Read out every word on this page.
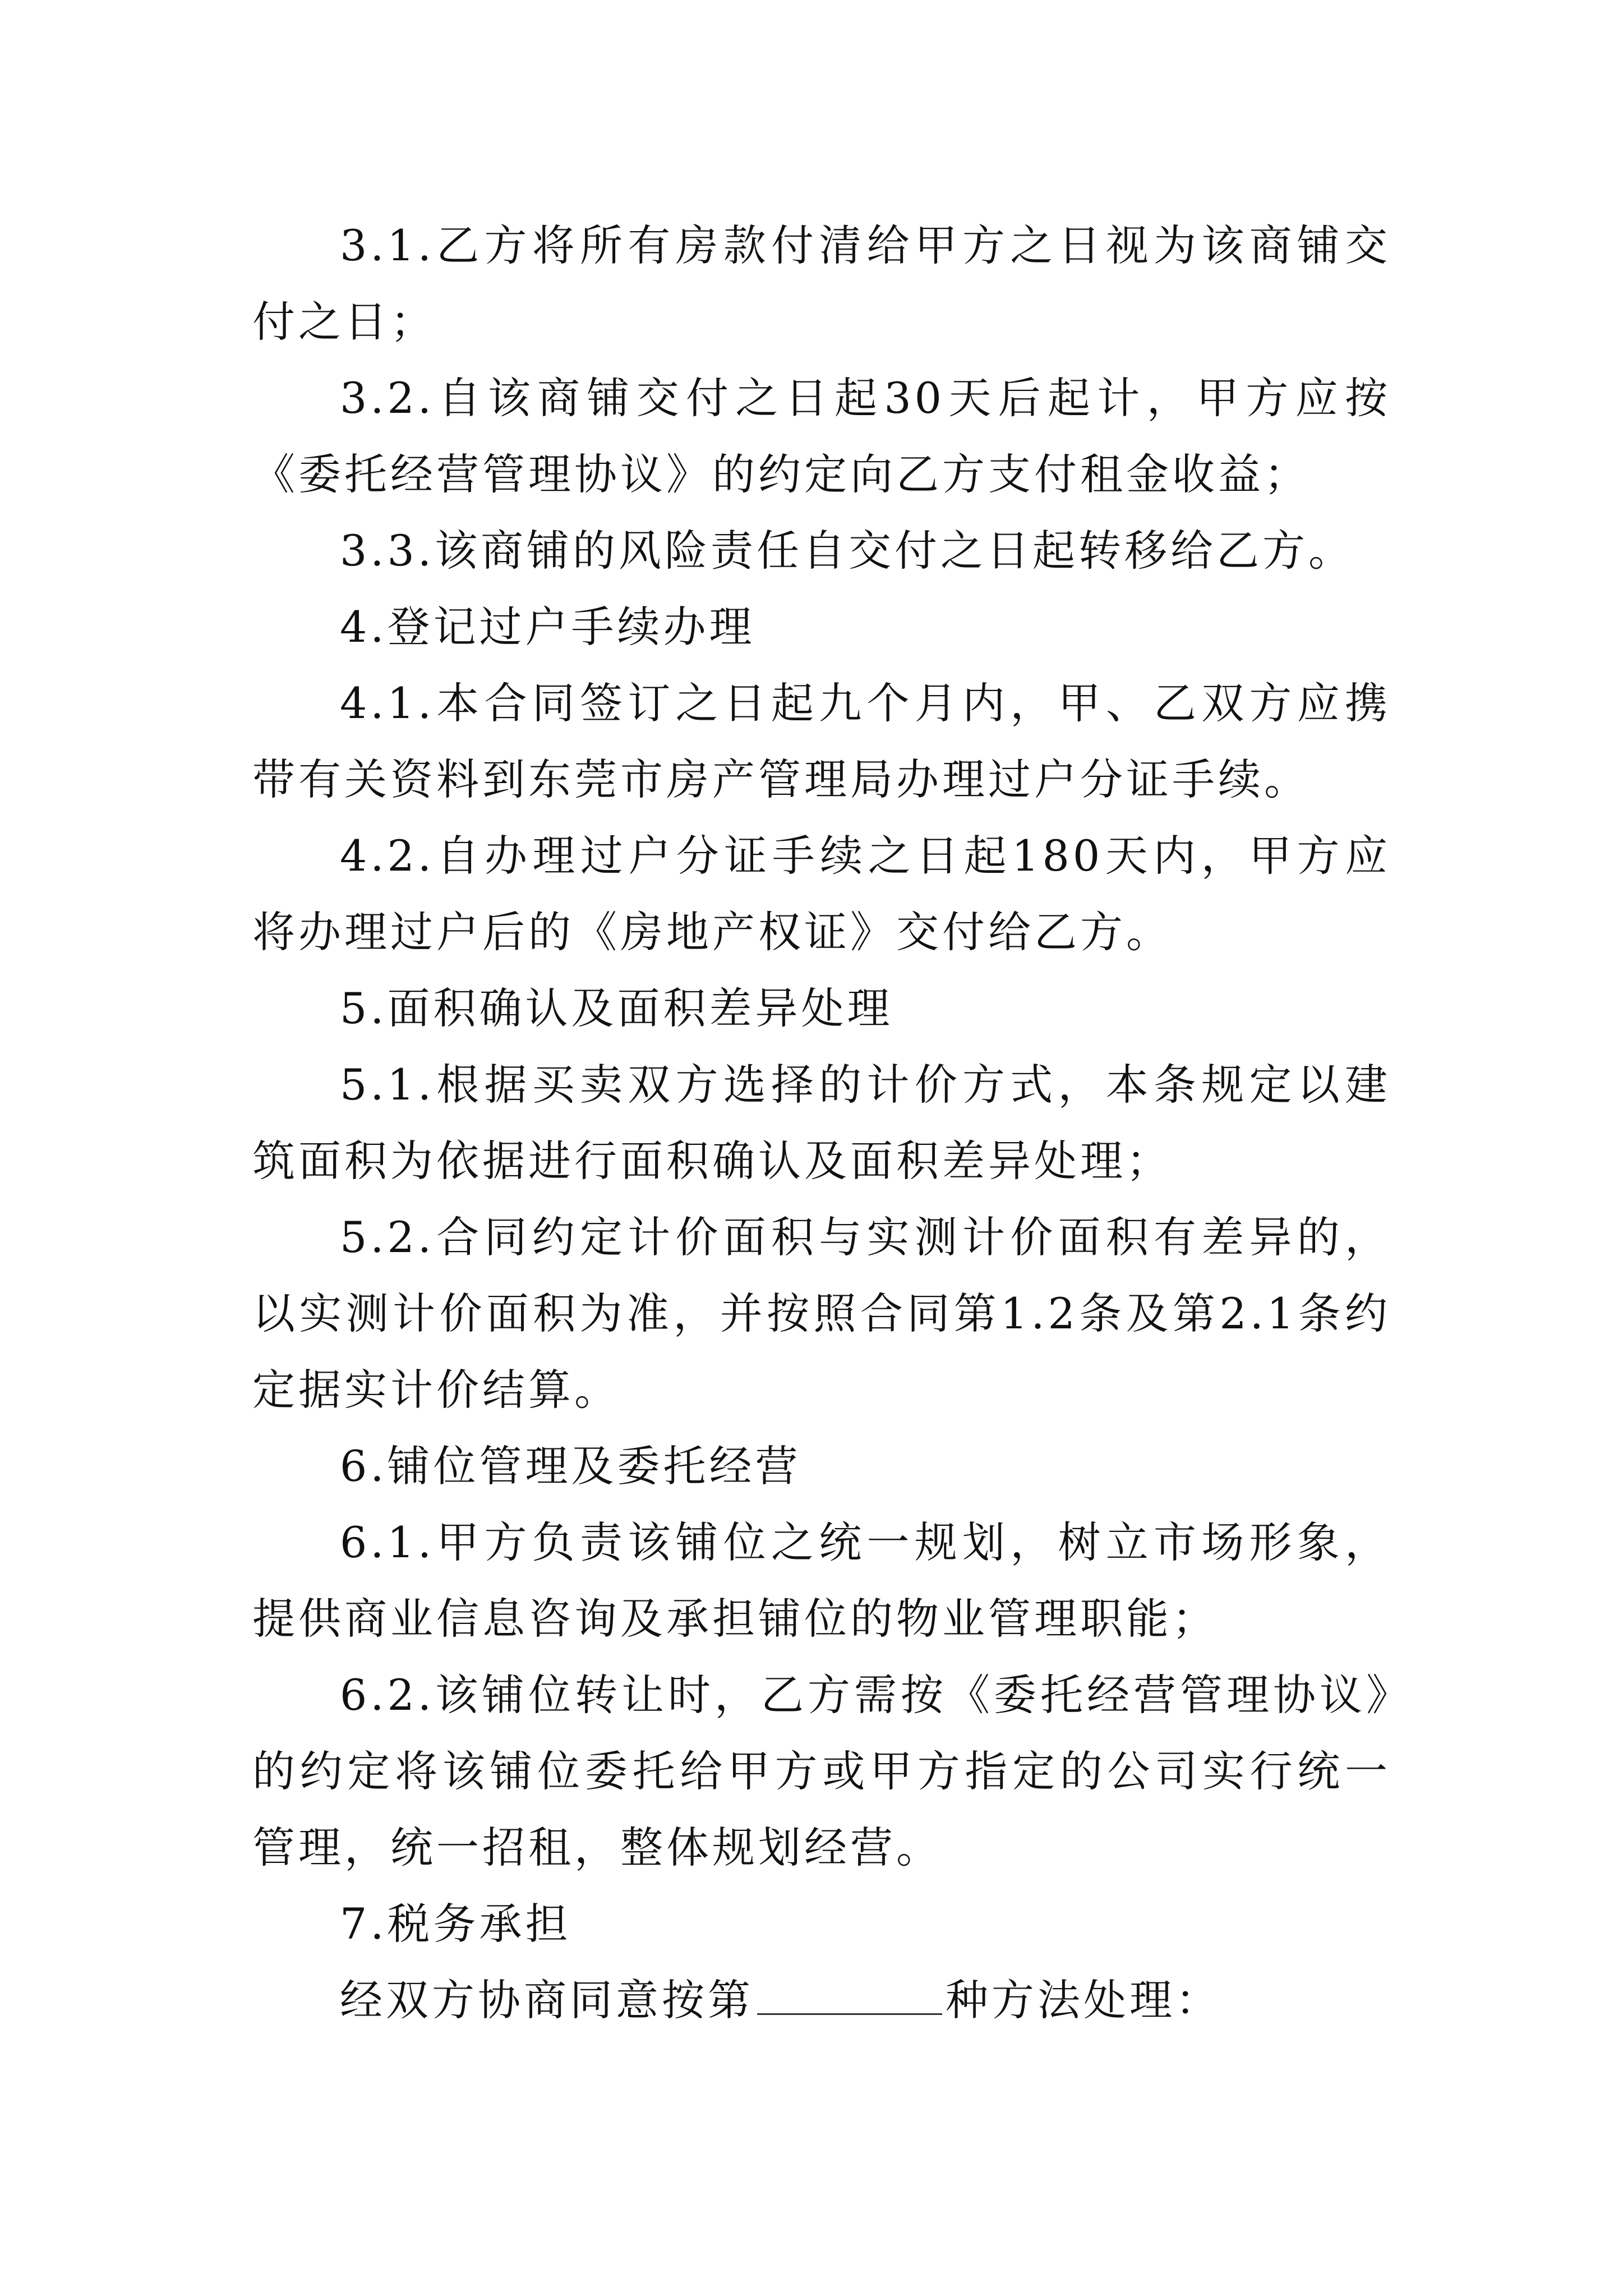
3.1.乙方将所有房款付清给甲方之日视为该商铺交付之日；

3.2.自该商铺交付之日起30天后起计，甲方应按《委托经营管理协议》的约定向乙方支付租金收益；

3.3.该商铺的风险责任自交付之日起转移给乙方。

4.登记过户手续办理

4.1.本合同签订之日起九个月内，甲、乙双方应携带有关资料到东莞市房产管理局办理过户分证手续。

4.2.自办理过户分证手续之日起180天内，甲方应将办理过户后的《房地产权证》交付给乙方。

5.面积确认及面积差异处理

5.1.根据买卖双方选择的计价方式，本条规定以建筑面积为依据进行面积确认及面积差异处理；

5.2.合同约定计价面积与实测计价面积有差异的，以实测计价面积为准，并按照合同第1.2条及第2.1条约定据实计价结算。

6.铺位管理及委托经营

6.1.甲方负责该铺位之统一规划，树立市场形象，提供商业信息咨询及承担铺位的物业管理职能；

6.2.该铺位转让时，乙方需按《委托经营管理协议》的约定将该铺位委托给甲方或甲方指定的公司实行统一管理，统一招租，整体规划经营。

7.税务承担

经双方协商同意按第	种方法处理：
